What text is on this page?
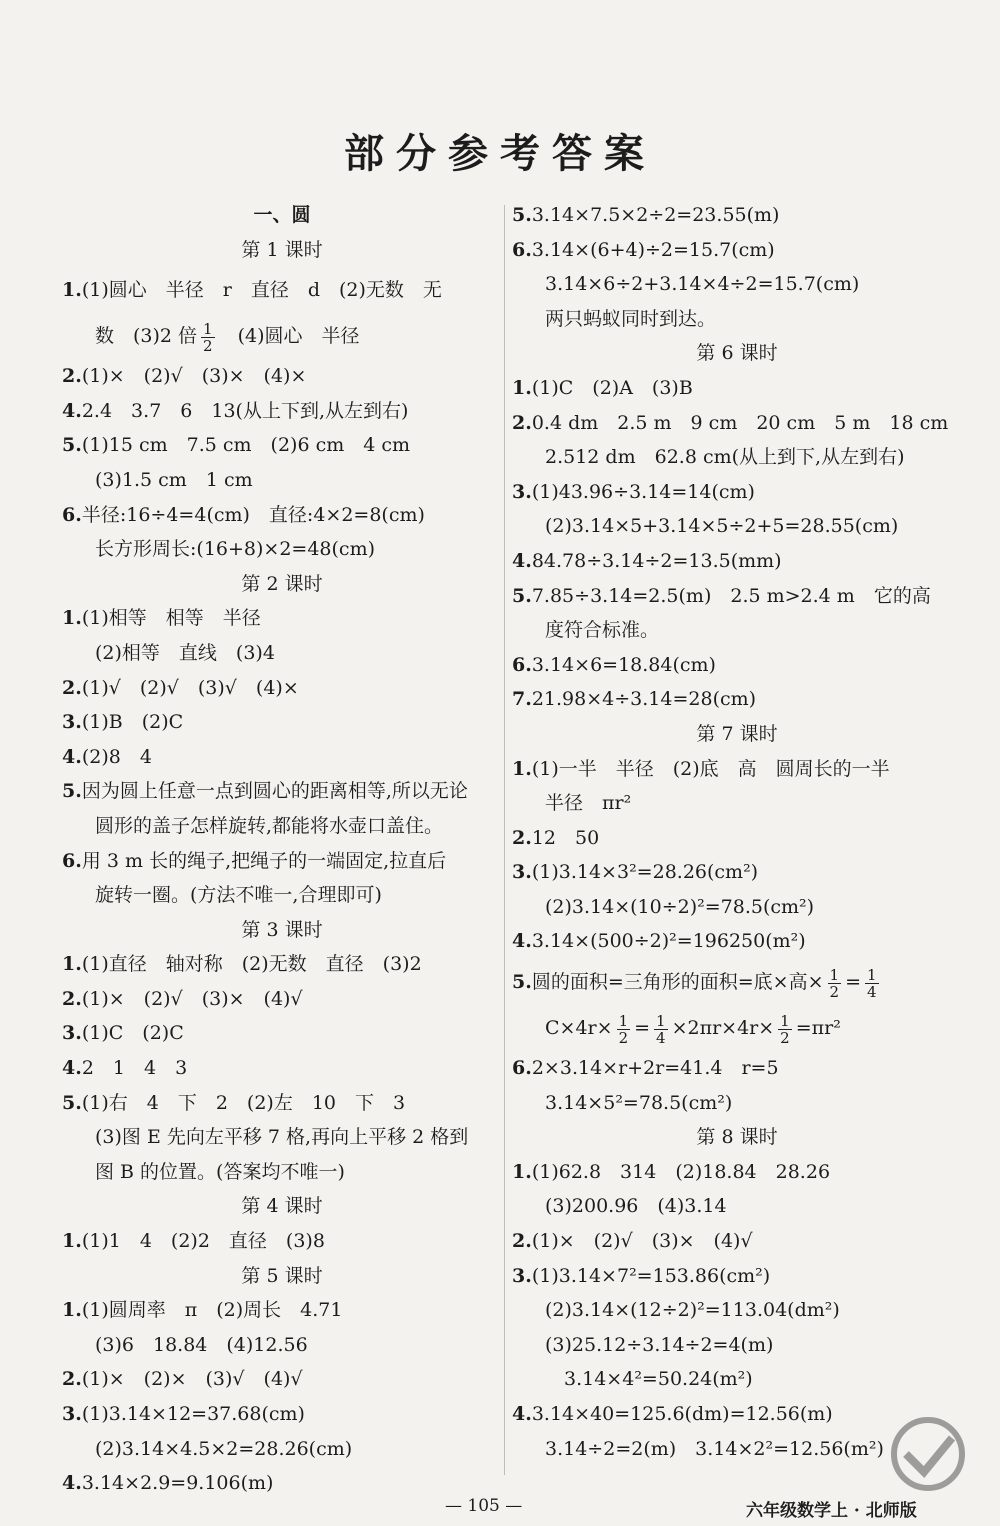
部分参考答案
一、圆
第 1 课时
1.(1)圆心　半径　r　直径　d　(2)无数　无
数　(3)2 倍 $\frac{1}{2}$ 　(4)圆心　半径
2.(1)×　(2)√　(3)×　(4)×
4.2.4　3.7　6　13(从上下到,从左到右)
5.(1)15 cm　7.5 cm　(2)6 cm　4 cm
(3)1.5 cm　1 cm
6.半径:16÷4=4(cm)　直径:4×2=8(cm)
长方形周长:(16+8)×2=48(cm)
第 2 课时
1.(1)相等　相等　半径
(2)相等　直线　(3)4
2.(1)√　(2)√　(3)√　(4)×
3.(1)B　(2)C
4.(2)8　4
5.因为圆上任意一点到圆心的距离相等,所以无论
圆形的盖子怎样旋转,都能将水壶口盖住。
6.用 3 m 长的绳子,把绳子的一端固定,拉直后
旋转一圈。(方法不唯一,合理即可)
第 3 课时
1.(1)直径　轴对称　(2)无数　直径　(3)2
2.(1)×　(2)√　(3)×　(4)√
3.(1)C　(2)C
4.2　1　4　3
5.(1)右　4　下　2　(2)左　10　下　3
(3)图 E 先向左平移 7 格,再向上平移 2 格到
图 B 的位置。(答案均不唯一)
第 4 课时
1.(1)1　4　(2)2　直径　(3)8
第 5 课时
1.(1)圆周率　π　(2)周长　4.71
(3)6　18.84　(4)12.56
2.(1)×　(2)×　(3)√　(4)√
3.(1)3.14×12=37.68(cm)
(2)3.14×4.5×2=28.26(cm)
4.3.14×2.9=9.106(m)
5.3.14×7.5×2÷2=23.55(m)
6.3.14×(6+4)÷2=15.7(cm)
3.14×6÷2+3.14×4÷2=15.7(cm)
两只蚂蚁同时到达。
第 6 课时
1.(1)C　(2)A　(3)B
2.0.4 dm　2.5 m　9 cm　20 cm　5 m　18 cm
2.512 dm　62.8 cm(从上到下,从左到右)
3.(1)43.96÷3.14=14(cm)
(2)3.14×5+3.14×5÷2+5=28.55(cm)
4.84.78÷3.14÷2=13.5(mm)
5.7.85÷3.14=2.5(m)　2.5 m>2.4 m　它的高
度符合标准。
6.3.14×6=18.84(cm)
7.21.98×4÷3.14=28(cm)
第 7 课时
1.(1)一半　半径　(2)底　高　圆周长的一半
半径　πr²
2.12　50
3.(1)3.14×3²=28.26(cm²)
(2)3.14×(10÷2)²=78.5(cm²)
4.3.14×(500÷2)²=196250(m²)
5.圆的面积=三角形的面积=底×高× $\frac{1}{2} = \frac{1}{4}$
$C\times 4r\times \frac{1}{2} = \frac{1}{4} \times 2\pi r\times 4r\times \frac{1}{2} =\pi r^2$
6.2×3.14×r+2r=41.4　r=5
3.14×5²=78.5(cm²)
第 8 课时
1.(1)62.8　314　(2)18.84　28.26
(3)200.96　(4)3.14
2.(1)×　(2)√　(3)×　(4)√
3.(1)3.14×7²=153.86(cm²)
(2)3.14×(12÷2)²=113.04(dm²)
(3)25.12÷3.14÷2=4(m)
　3.14×4²=50.24(m²)
4.3.14×40=125.6(dm)=12.56(m)
3.14÷2=2(m)　3.14×2²=12.56(m²)
— 105 —	六年级数学上 · 北师版
